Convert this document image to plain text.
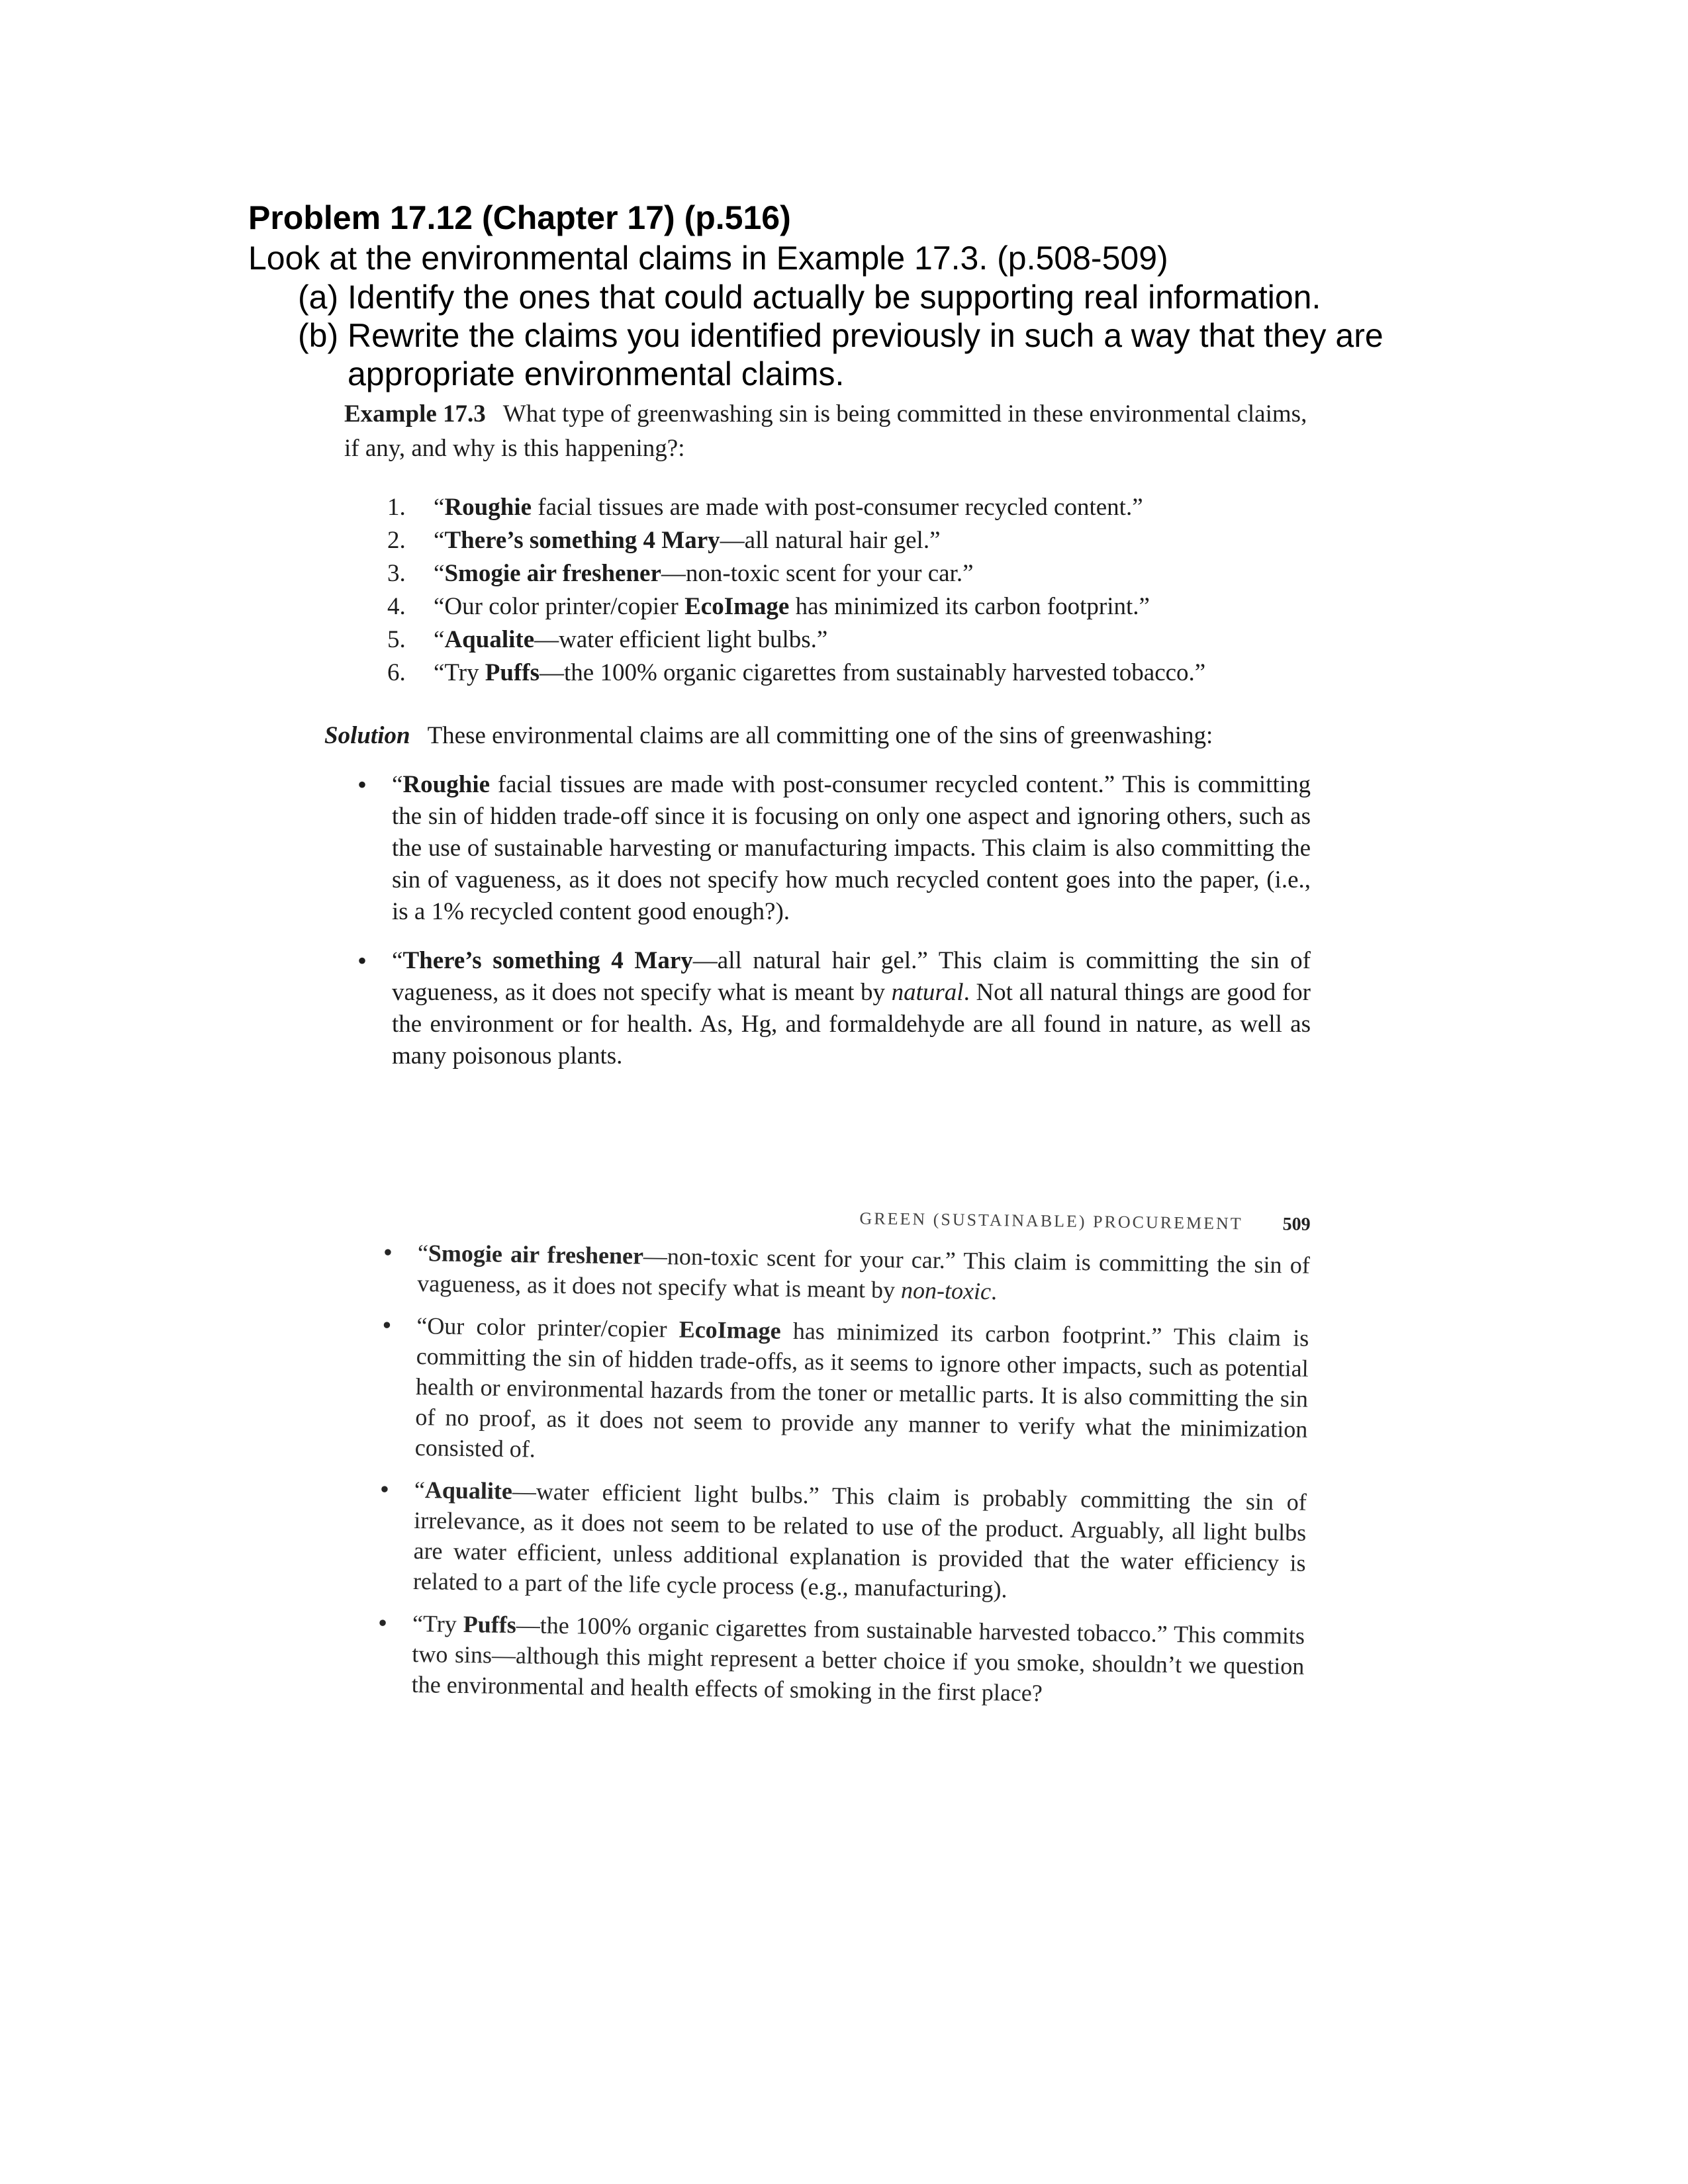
Problem 17.12 (Chapter 17) (p.516)
Look at the environmental claims in Example 17.3. (p.508-509)
(a) Identify the ones that could actually be supporting real information.
(b) Rewrite the claims you identified previously in such a way that they are appropriate environmental claims.
Example 17.3 What type of greenwashing sin is being committed in these environmental claims, if any, and why is this happening?:
1. “Roughie facial tissues are made with post-consumer recycled content.”
2. “There’s something 4 Mary—all natural hair gel.”
3. “Smogie air freshener—non-toxic scent for your car.”
4. “Our color printer/copier EcoImage has minimized its carbon footprint.”
5. “Aqualite—water efficient light bulbs.”
6. “Try Puffs—the 100% organic cigarettes from sustainably harvested tobacco.”
Solution These environmental claims are all committing one of the sins of greenwashing:
• “Roughie facial tissues are made with post-consumer recycled content.” This is committing the sin of hidden trade-off since it is focusing on only one aspect and ignoring others, such as the use of sustainable harvesting or manufacturing impacts. This claim is also committing the sin of vagueness, as it does not specify how much recycled content goes into the paper, (i.e., is a 1% recycled content good enough?).
• “There’s something 4 Mary—all natural hair gel.” This claim is committing the sin of vagueness, as it does not specify what is meant by natural. Not all natural things are good for the environment or for health. As, Hg, and formaldehyde are all found in nature, as well as many poisonous plants.
GREEN (SUSTAINABLE) PROCUREMENT 509
• “Smogie air freshener—non-toxic scent for your car.” This claim is committing the sin of vagueness, as it does not specify what is meant by non-toxic.
• “Our color printer/copier EcoImage has minimized its carbon footprint.” This claim is committing the sin of hidden trade-offs, as it seems to ignore other impacts, such as potential health or environmental hazards from the toner or metallic parts. It is also committing the sin of no proof, as it does not seem to provide any manner to verify what the minimization consisted of.
• “Aqualite—water efficient light bulbs.” This claim is probably committing the sin of irrelevance, as it does not seem to be related to use of the product. Arguably, all light bulbs are water efficient, unless additional explanation is provided that the water efficiency is related to a part of the life cycle process (e.g., manufacturing).
• “Try Puffs—the 100% organic cigarettes from sustainable harvested tobacco.” This commits two sins—although this might represent a better choice if you smoke, shouldn’t we question the environmental and health effects of smoking in the first place?
